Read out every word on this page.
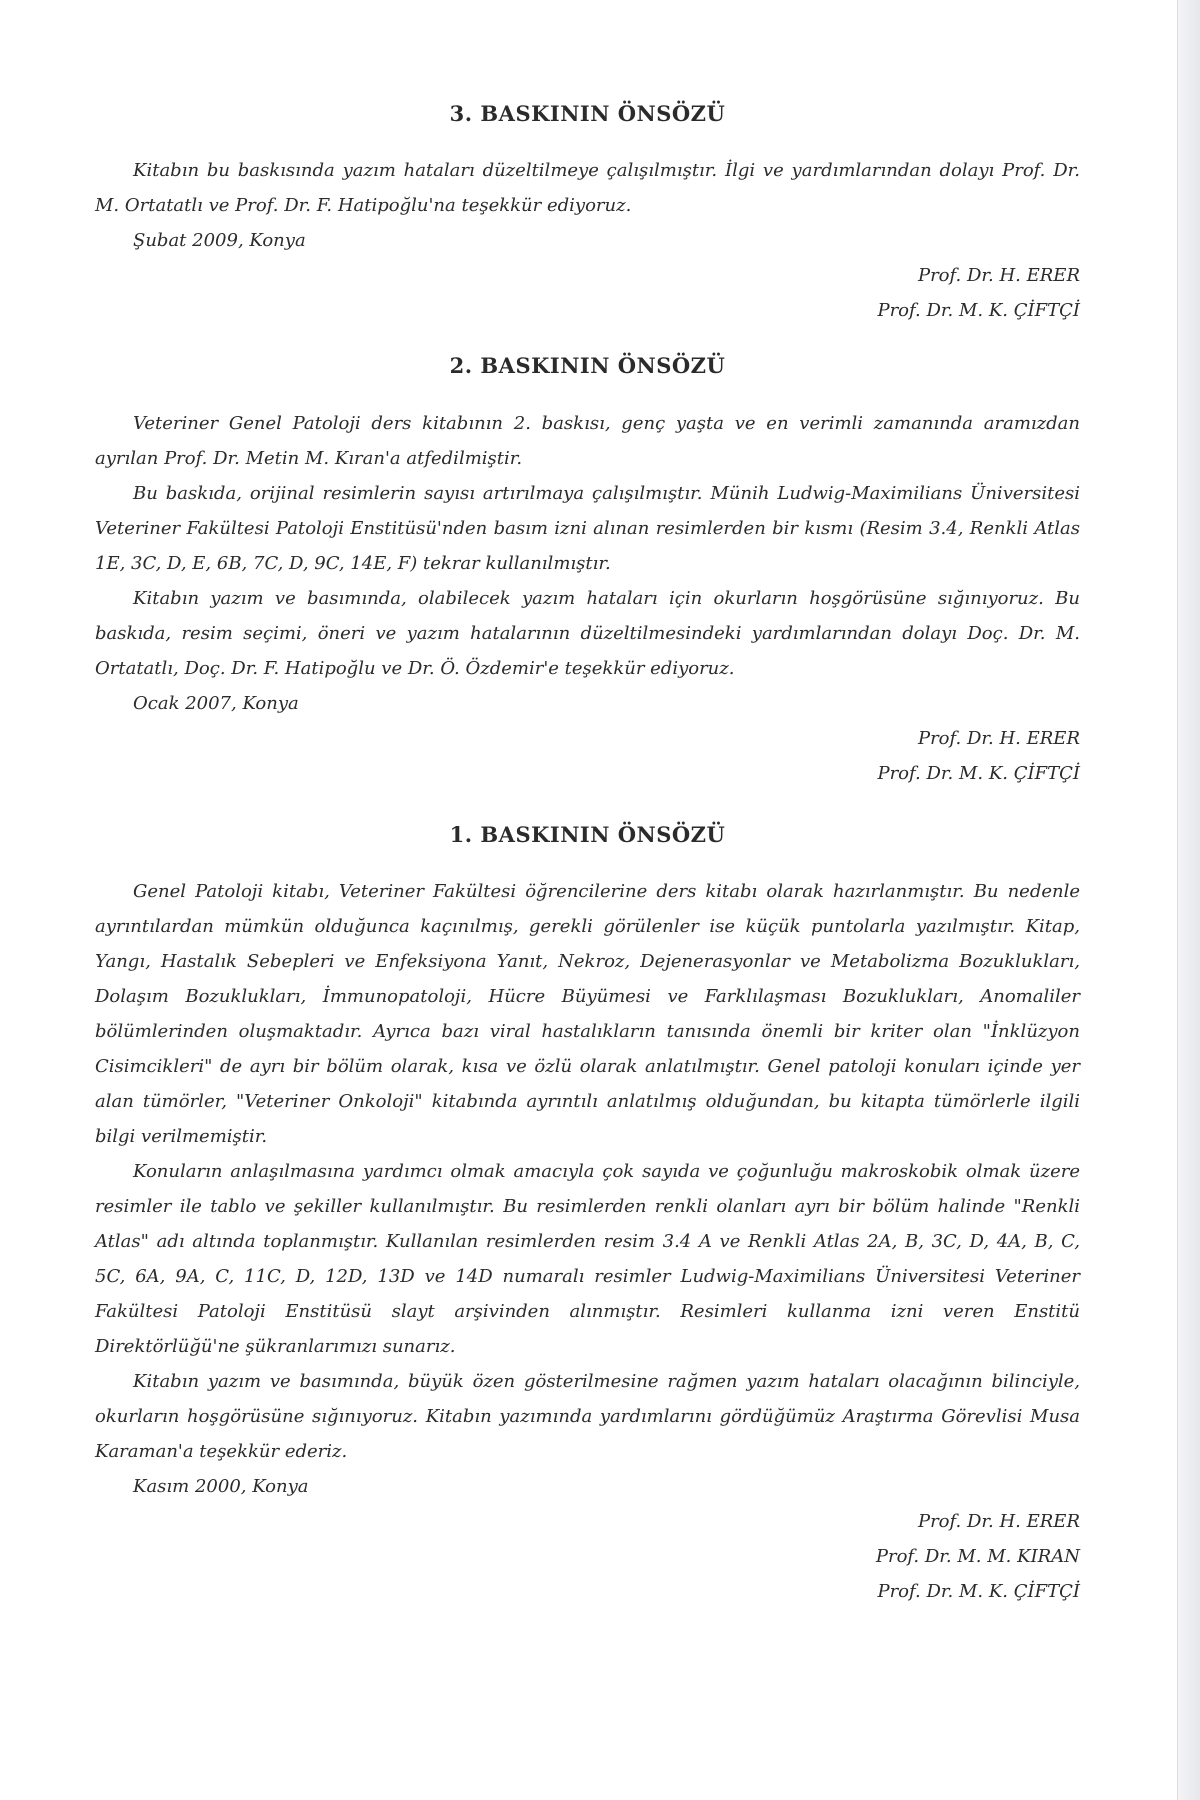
3. BASKININ ÖNSÖZÜ

Kitabın bu baskısında yazım hataları düzeltilmeye çalışılmıştır. İlgi ve yardımlarından dolayı Prof. Dr. M. Ortatatlı ve Prof. Dr. F. Hatipoğlu'na teşekkür ediyoruz.

Şubat 2009, Konya

Prof. Dr. H. ERER
Prof. Dr. M. K. ÇİFTÇİ
2. BASKININ ÖNSÖZÜ

Veteriner Genel Patoloji ders kitabının 2. baskısı, genç yaşta ve en verimli zamanında aramızdan ayrılan Prof. Dr. Metin M. Kıran'a atfedilmiştir.

Bu baskıda, orijinal resimlerin sayısı artırılmaya çalışılmıştır. Münih Ludwig-Maximilians Üniversitesi Veteriner Fakültesi Patoloji Enstitüsü'nden basım izni alınan resimlerden bir kısmı (Resim 3.4, Renkli Atlas 1E, 3C, D, E, 6B, 7C, D, 9C, 14E, F) tekrar kullanılmıştır.

Kitabın yazım ve basımında, olabilecek yazım hataları için okurların hoşgörüsüne sığınıyoruz. Bu baskıda, resim seçimi, öneri ve yazım hatalarının düzeltilmesindeki yardımlarından dolayı Doç. Dr. M. Ortatatlı, Doç. Dr. F. Hatipoğlu ve Dr. Ö. Özdemir'e teşekkür ediyoruz.

Ocak 2007, Konya

Prof. Dr. H. ERER
Prof. Dr. M. K. ÇİFTÇİ
1. BASKININ ÖNSÖZÜ

Genel Patoloji kitabı, Veteriner Fakültesi öğrencilerine ders kitabı olarak hazırlanmıştır. Bu nedenle ayrıntılardan mümkün olduğunca kaçınılmış, gerekli görülenler ise küçük puntolarla yazılmıştır. Kitap, Yangı, Hastalık Sebepleri ve Enfeksiyona Yanıt, Nekroz, Dejenerasyonlar ve Metabolizma Bozuklukları, Dolaşım Bozuklukları, İmmunopatoloji, Hücre Büyümesi ve Farklılaşması Bozuklukları, Anomaliler bölümlerinden oluşmaktadır. Ayrıca bazı viral hastalıkların tanısında önemli bir kriter olan "İnklüzyon Cisimcikleri" de ayrı bir bölüm olarak, kısa ve özlü olarak anlatılmıştır. Genel patoloji konuları içinde yer alan tümörler, "Veteriner Onkoloji" kitabında ayrıntılı anlatılmış olduğundan, bu kitapta tümörlerle ilgili bilgi verilmemiştir.

Konuların anlaşılmasına yardımcı olmak amacıyla çok sayıda ve çoğunluğu makroskobik olmak üzere resimler ile tablo ve şekiller kullanılmıştır. Bu resimlerden renkli olanları ayrı bir bölüm halinde "Renkli Atlas" adı altında toplanmıştır. Kullanılan resimlerden resim 3.4 A ve Renkli Atlas 2A, B, 3C, D, 4A, B, C, 5C, 6A, 9A, C, 11C, D, 12D, 13D ve 14D numaralı resimler Ludwig-Maximilians Üniversitesi Veteriner Fakültesi Patoloji Enstitüsü slayt arşivinden alınmıştır. Resimleri kullanma izni veren Enstitü Direktörlüğü'ne şükranlarımızı sunarız.

Kitabın yazım ve basımında, büyük özen gösterilmesine rağmen yazım hataları olacağının bilinciyle, okurların hoşgörüsüne sığınıyoruz. Kitabın yazımında yardımlarını gördüğümüz Araştırma Görevlisi Musa Karaman'a teşekkür ederiz.

Kasım 2000, Konya

Prof. Dr. H. ERER
Prof. Dr. M. M. KIRAN
Prof. Dr. M. K. ÇİFTÇİ
